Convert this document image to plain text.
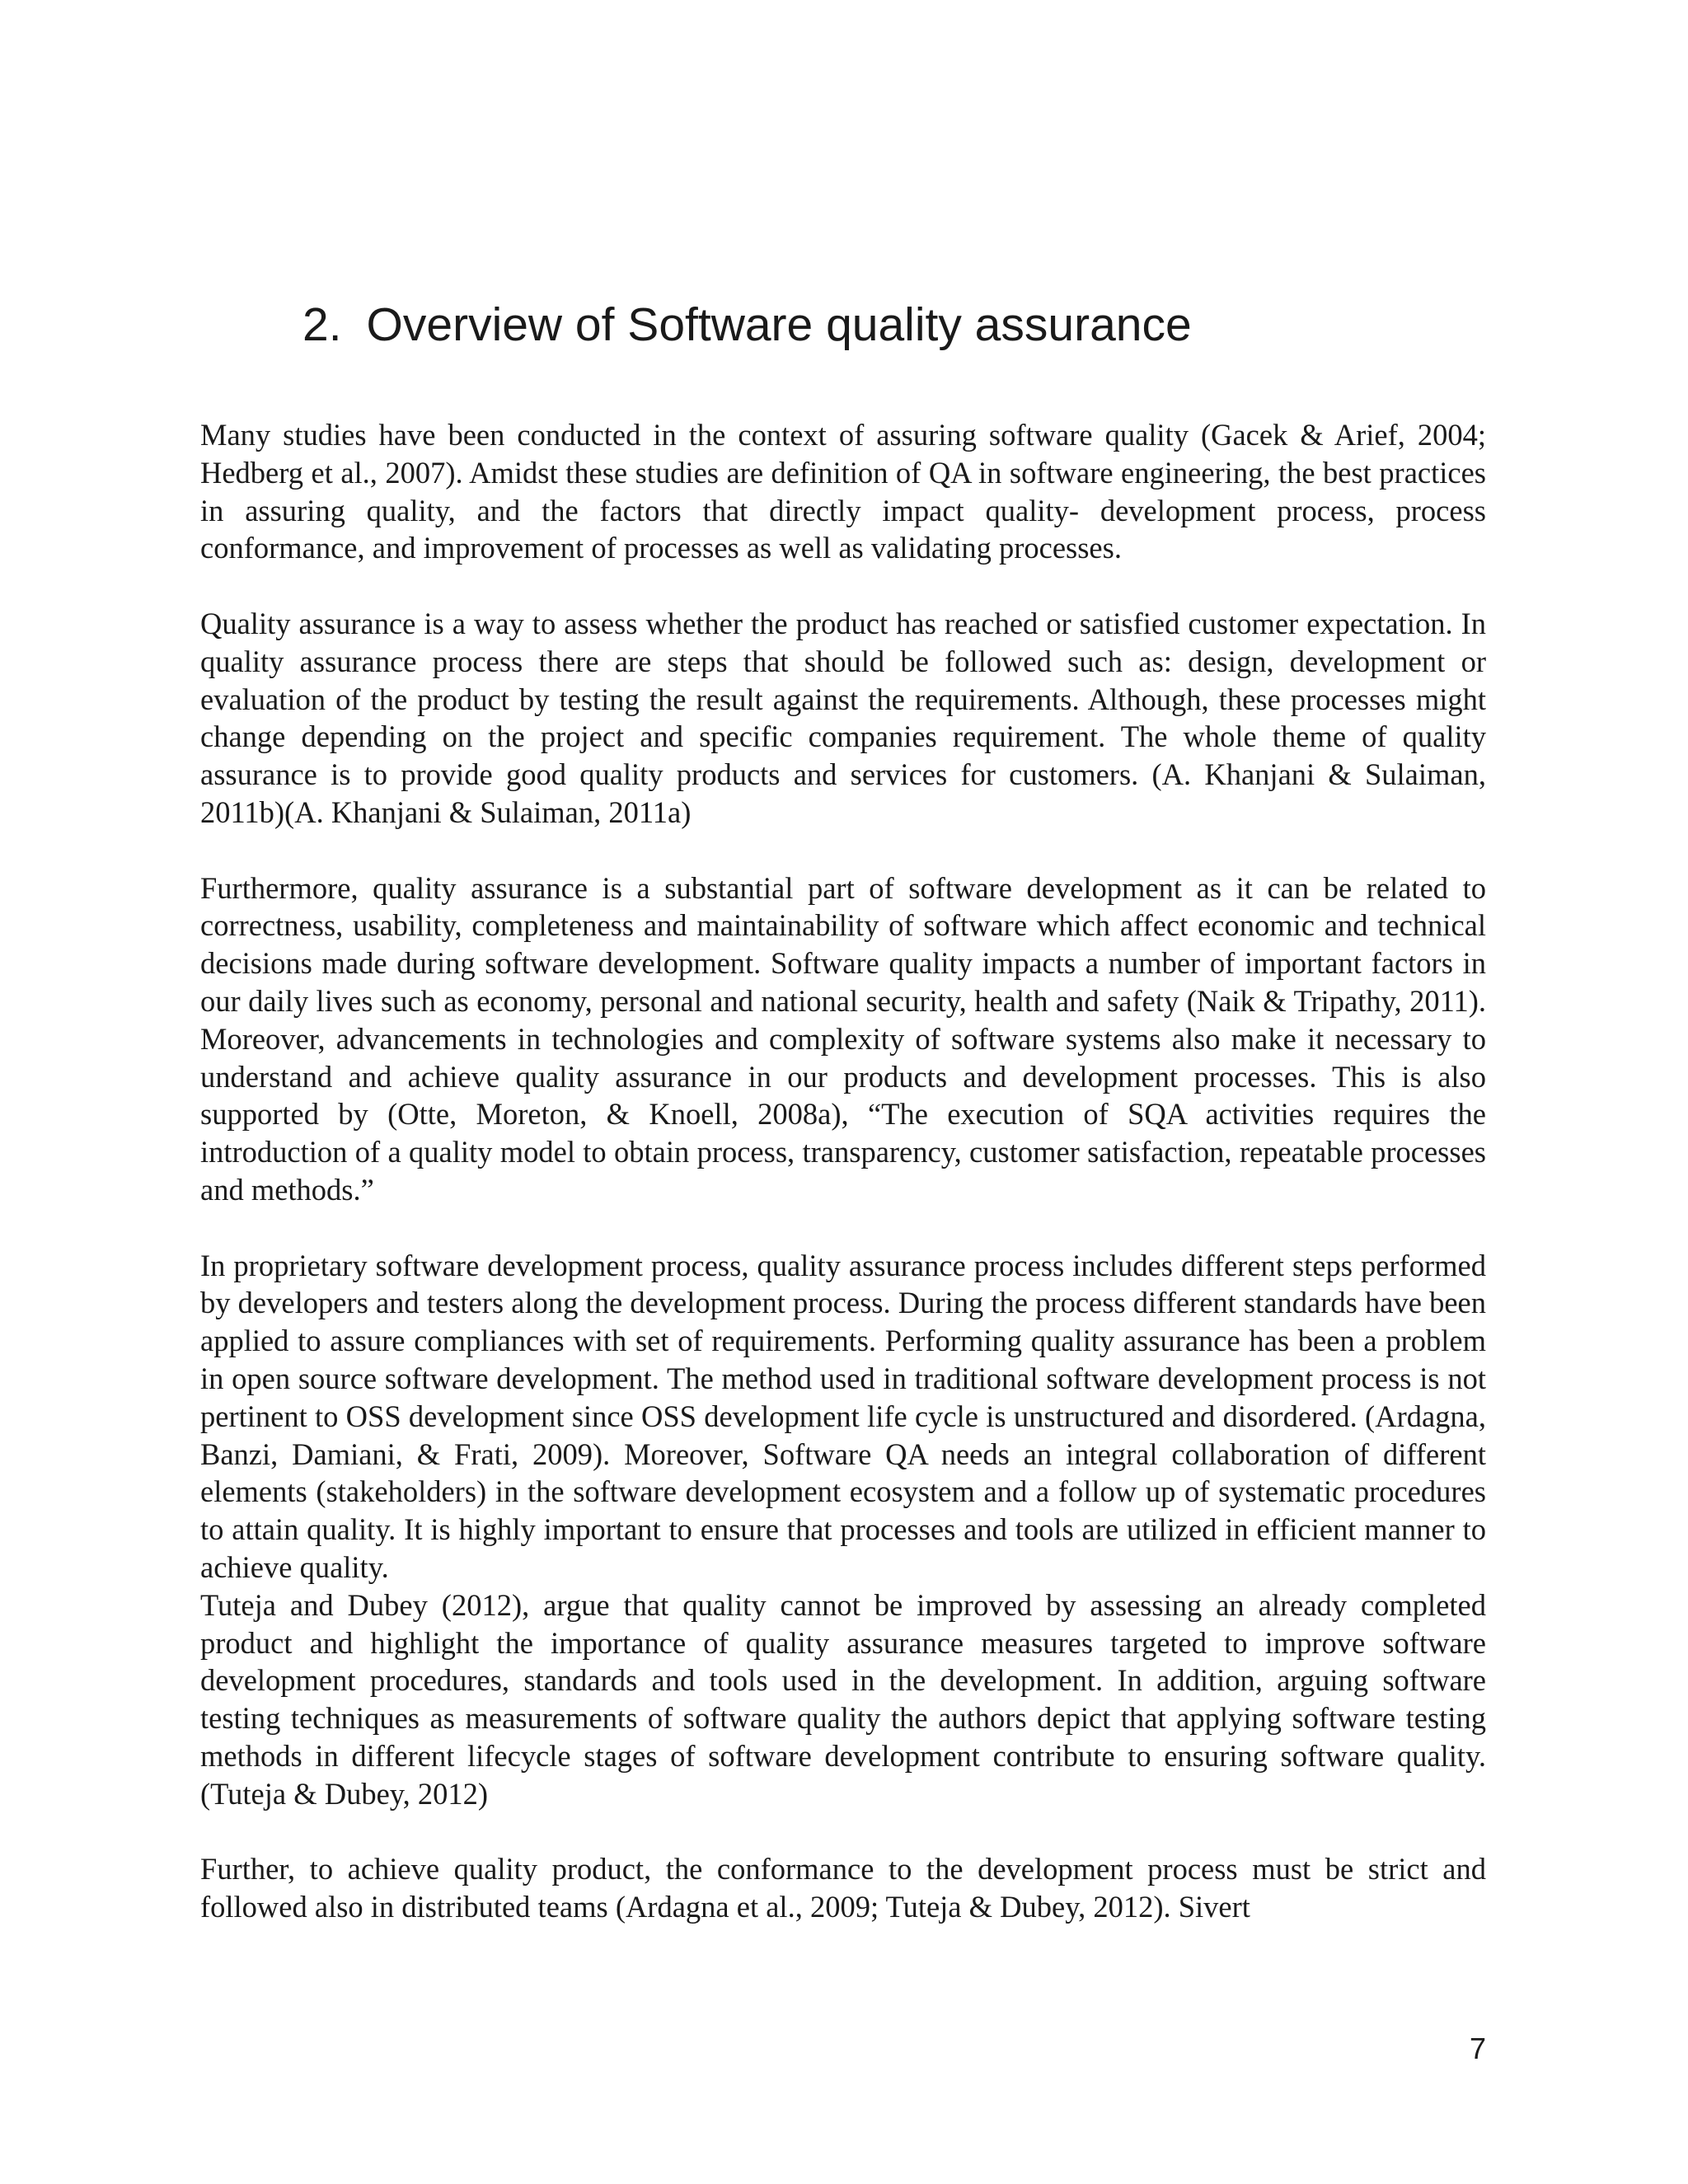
2. Overview of Software quality assurance

Many studies have been conducted in the context of assuring software quality (Gacek & Arief, 2004; Hedberg et al., 2007). Amidst these studies are definition of QA in software engineering, the best practices in assuring quality, and the factors that directly impact quality- development process, process conformance, and improvement of processes as well as validating processes.

Quality assurance is a way to assess whether the product has reached or satisfied customer expectation. In quality assurance process there are steps that should be followed such as: design, development or evaluation of the product by testing the result against the requirements. Although, these processes might change depending on the project and specific companies requirement. The whole theme of quality assurance is to provide good quality products and services for customers. (A. Khanjani & Sulaiman, 2011b)(A. Khanjani & Sulaiman, 2011a)

Furthermore, quality assurance is a substantial part of software development as it can be related to correctness, usability, completeness and maintainability of software which affect economic and technical decisions made during software development. Software quality impacts a number of important factors in our daily lives such as economy, personal and national security, health and safety (Naik & Tripathy, 2011). Moreover, advancements in technologies and complexity of software systems also make it necessary to understand and achieve quality assurance in our products and development processes. This is also supported by (Otte, Moreton, & Knoell, 2008a), “The execution of SQA activities requires the introduction of a quality model to obtain process, transparency, customer satisfaction, repeatable processes and methods.”

In proprietary software development process, quality assurance process includes different steps performed by developers and testers along the development process. During the process different standards have been applied to assure compliances with set of requirements. Performing quality assurance has been a problem in open source software development. The method used in traditional software development process is not pertinent to OSS development since OSS development life cycle is unstructured and disordered. (Ardagna, Banzi, Damiani, & Frati, 2009). Moreover, Software QA needs an integral collaboration of different elements (stakeholders) in the software development ecosystem and a follow up of systematic procedures to attain quality. It is highly important to ensure that processes and tools are utilized in efficient manner to achieve quality.

Tuteja and Dubey (2012), argue that quality cannot be improved by assessing an already completed product and highlight the importance of quality assurance measures targeted to improve software development procedures, standards and tools used in the development. In addition, arguing software testing techniques as measurements of software quality the authors depict that applying software testing methods in different lifecycle stages of software development contribute to ensuring software quality. (Tuteja & Dubey, 2012)

Further, to achieve quality product, the conformance to the development process must be strict and followed also in distributed teams (Ardagna et al., 2009; Tuteja & Dubey, 2012). Sivert

7
